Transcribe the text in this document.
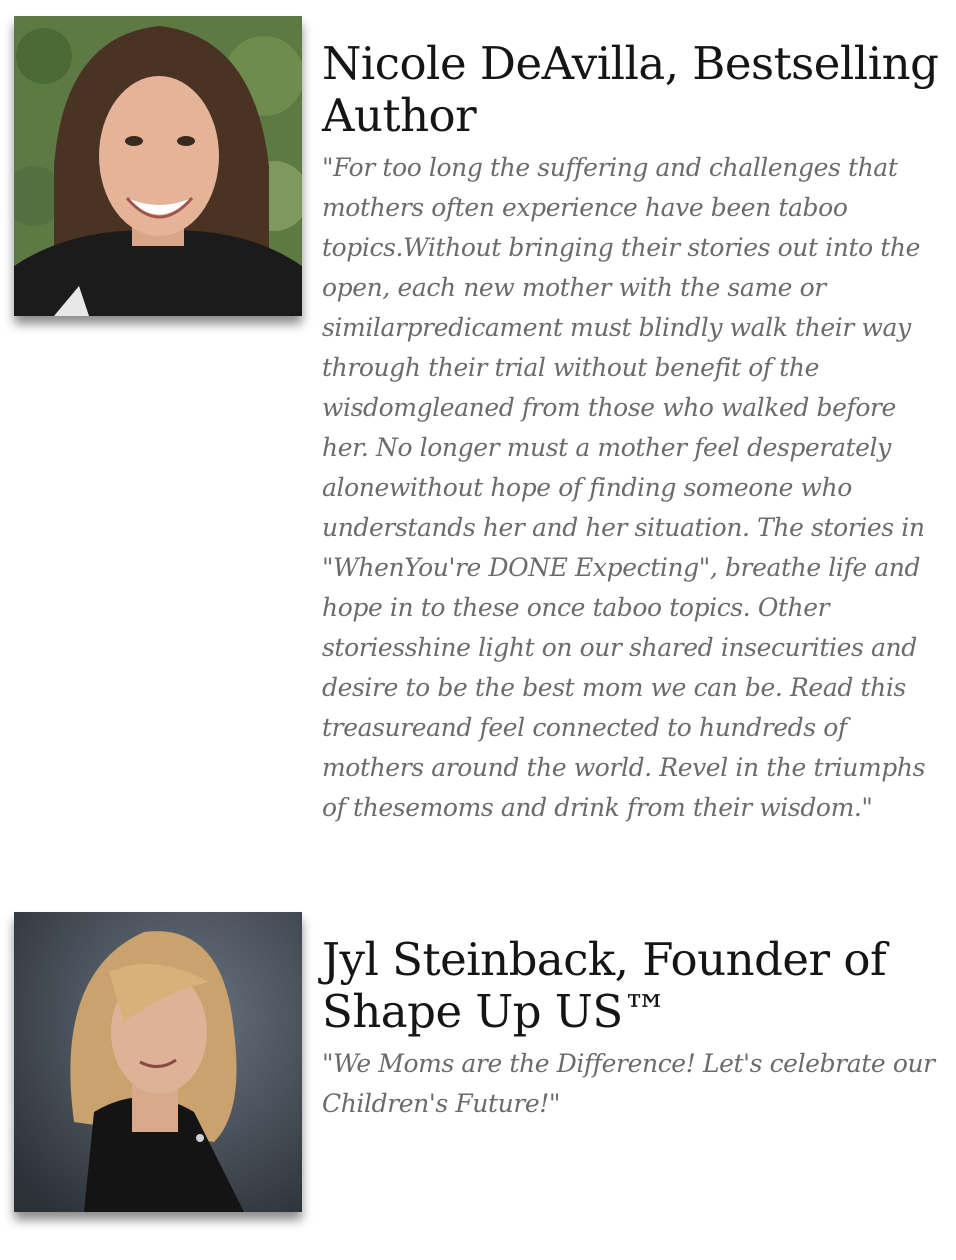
Nicole DeAvilla, Bestselling Author

"For too long the suffering and challenges that mothers often experience have been taboo topics.Without bringing their stories out into the open, each new mother with the same or similarpredicament must blindly walk their way through their trial without benefit of the wisdomgleaned from those who walked before her. No longer must a mother feel desperately alonewithout hope of finding someone who understands her and her situation. The stories in "WhenYou're DONE Expecting", breathe life and hope in to these once taboo topics. Other storiesshine light on our shared insecurities and desire to be the best mom we can be. Read this treasureand feel connected to hundreds of mothers around the world. Revel in the triumphs of thesemoms and drink from their wisdom."

Jyl Steinback, Founder of Shape Up US™

"We Moms are the Difference! Let's celebrate our Children's Future!"
